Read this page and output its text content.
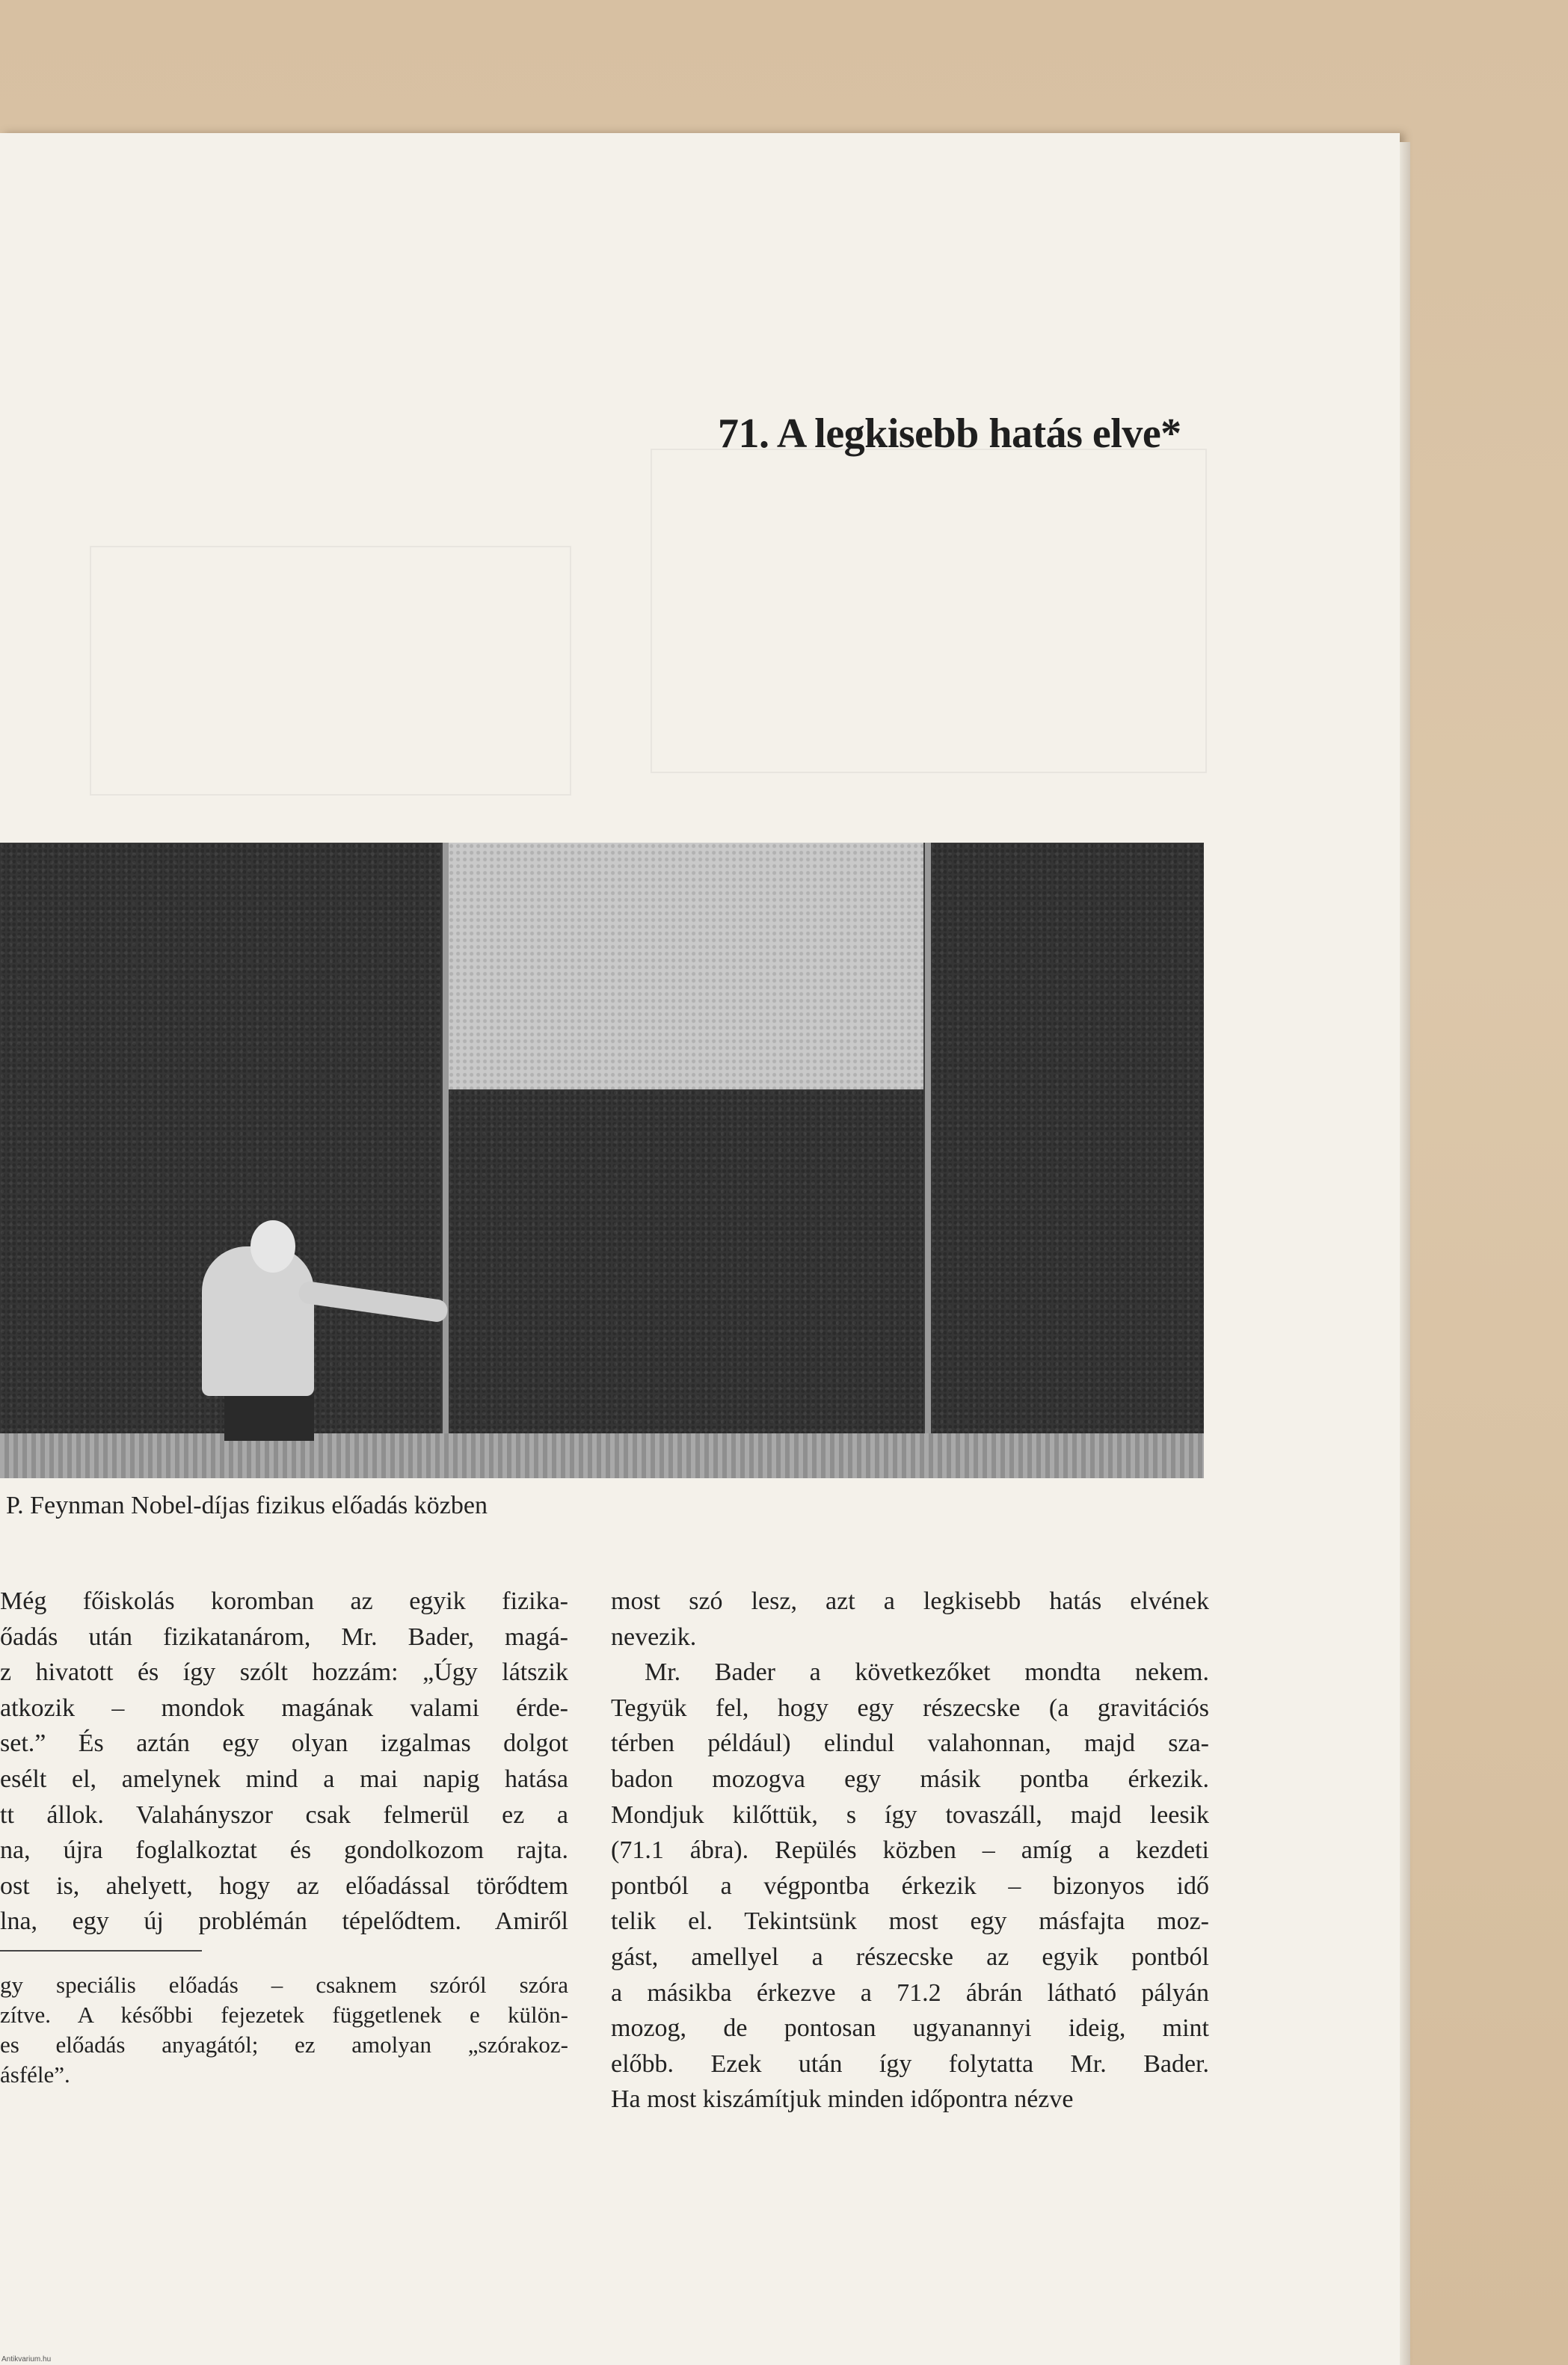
71. A legkisebb hatás elve*
P. Feynman Nobel-díjas fizikus előadás közben
Még főiskolás koromban az egyik fizika-
őadás után fizikatanárom, Mr. Bader, magá-
z hivatott és így szólt hozzám: „Úgy látszik
atkozik – mondok magának valami érde-
set.” És aztán egy olyan izgalmas dolgot
esélt el, amelynek mind a mai napig hatása
tt állok. Valahányszor csak felmerül ez a
na, újra foglalkoztat és gondolkozom rajta.
ost is, ahelyett, hogy az előadással törődtem
lna, egy új problémán tépelődtem. Amiről
most szó lesz, azt a legkisebb hatás elvének
nevezik.
Mr. Bader a következőket mondta nekem.
Tegyük fel, hogy egy részecske (a gravitációs
térben például) elindul valahonnan, majd sza-
badon mozogva egy másik pontba érkezik.
Mondjuk kilőttük, s így tovaszáll, majd leesik
(71.1 ábra). Repülés közben – amíg a kezdeti
pontból a végpontba érkezik – bizonyos idő
telik el. Tekintsünk most egy másfajta moz-
gást, amellyel a részecske az egyik pontból
a másikba érkezve a 71.2 ábrán látható pályán
mozog, de pontosan ugyanannyi ideig, mint
előbb. Ezek után így folytatta Mr. Bader.
Ha most kiszámítjuk minden időpontra nézve
gy speciális előadás – csaknem szóról szóra
zítve. A későbbi fejezetek függetlenek e külön-
es előadás anyagától; ez amolyan „szórakoz-
ásféle”.
Antikvarium.hu
